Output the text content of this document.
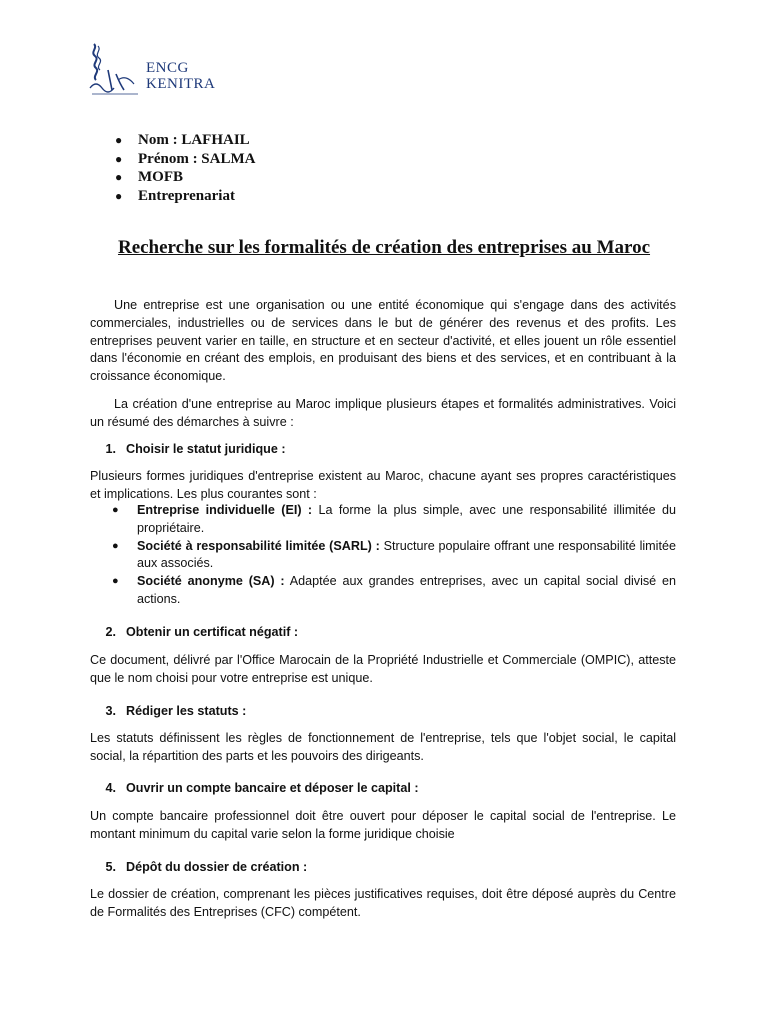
ENCG
KENITRA
● Nom : LAFHAIL
● Prénom : SALMA
● MOFB
● Entreprenariat
Recherche sur les formalités de création des entreprises au Maroc

Une entreprise est une organisation ou une entité économique qui s'engage dans des activités commerciales, industrielles ou de services dans le but de générer des revenus et des profits. Les entreprises peuvent varier en taille, en structure et en secteur d'activité, et elles jouent un rôle essentiel dans l'économie en créant des emplois, en produisant des biens et des services, et en contribuant à la croissance économique.

La création d'une entreprise au Maroc implique plusieurs étapes et formalités administratives. Voici un résumé des démarches à suivre :

1. Choisir le statut juridique :

Plusieurs formes juridiques d'entreprise existent au Maroc, chacune ayant ses propres caractéristiques et implications. Les plus courantes sont :

● Entreprise individuelle (EI) : La forme la plus simple, avec une responsabilité illimitée du propriétaire.
● Société à responsabilité limitée (SARL) : Structure populaire offrant une responsabilité limitée aux associés.
● Société anonyme (SA) : Adaptée aux grandes entreprises, avec un capital social divisé en actions.
2. Obtenir un certificat négatif :

Ce document, délivré par l'Office Marocain de la Propriété Industrielle et Commerciale (OMPIC), atteste que le nom choisi pour votre entreprise est unique.

3. Rédiger les statuts :

Les statuts définissent les règles de fonctionnement de l'entreprise, tels que l'objet social, le capital social, la répartition des parts et les pouvoirs des dirigeants.

4. Ouvrir un compte bancaire et déposer le capital :

Un compte bancaire professionnel doit être ouvert pour déposer le capital social de l'entreprise. Le montant minimum du capital varie selon la forme juridique choisie

5. Dépôt du dossier de création :

Le dossier de création, comprenant les pièces justificatives requises, doit être déposé auprès du Centre de Formalités des Entreprises (CFC) compétent.
